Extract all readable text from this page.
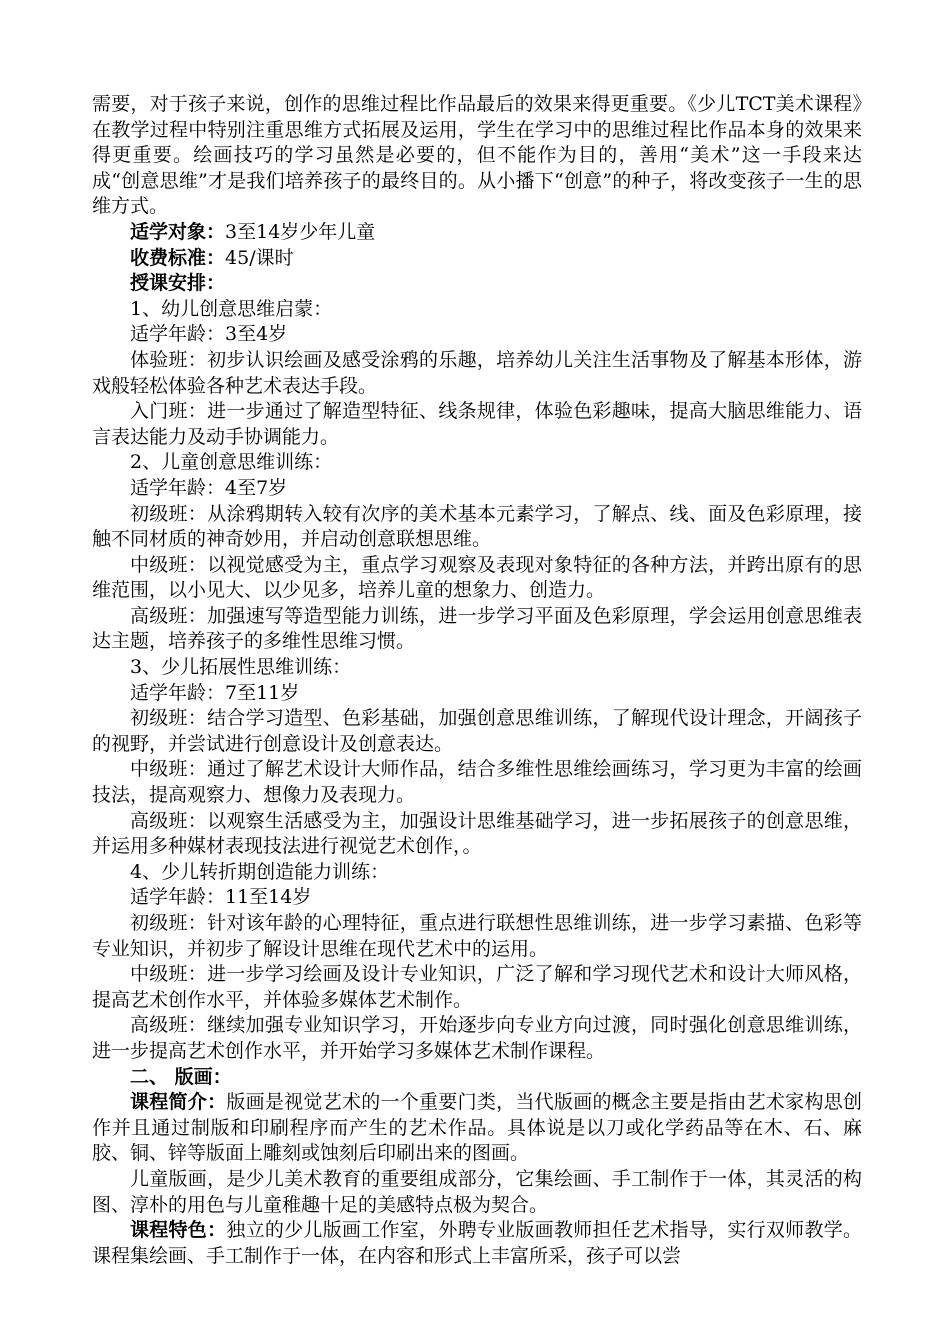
需要，对于孩子来说，创作的思维过程比作品最后的效果来得更重要。《少儿TCT美术课程》在教学过程中特别注重思维方式拓展及运用，学生在学习中的思维过程比作品本身的效果来得更重要。绘画技巧的学习虽然是必要的，但不能作为目的，善用“美术”这一手段来达成“创意思维”才是我们培养孩子的最终目的。从小播下“创意”的种子，将改变孩子一生的思维方式。

适学对象：3至14岁少年儿童

收费标准：45/课时

授课安排：

1、幼儿创意思维启蒙：

适学年龄：3至4岁

体验班：初步认识绘画及感受涂鸦的乐趣，培养幼儿关注生活事物及了解基本形体，游戏般轻松体验各种艺术表达手段。

入门班：进一步通过了解造型特征、线条规律，体验色彩趣味，提高大脑思维能力、语言表达能力及动手协调能力。

2、儿童创意思维训练：

适学年龄：4至7岁

初级班：从涂鸦期转入较有次序的美术基本元素学习，了解点、线、面及色彩原理，接触不同材质的神奇妙用，并启动创意联想思维。

中级班：以视觉感受为主，重点学习观察及表现对象特征的各种方法，并跨出原有的思维范围，以小见大、以少见多，培养儿童的想象力、创造力。

高级班：加强速写等造型能力训练，进一步学习平面及色彩原理，学会运用创意思维表达主题，培养孩子的多维性思维习惯。

3、少儿拓展性思维训练：

适学年龄：7至11岁

初级班：结合学习造型、色彩基础，加强创意思维训练，了解现代设计理念，开阔孩子的视野，并尝试进行创意设计及创意表达。

中级班：通过了解艺术设计大师作品，结合多维性思维绘画练习，学习更为丰富的绘画技法，提高观察力、想像力及表现力。

高级班：以观察生活感受为主，加强设计思维基础学习，进一步拓展孩子的创意思维，并运用多种媒材表现技法进行视觉艺术创作，。

4、少儿转折期创造能力训练：

适学年龄：11至14岁

初级班：针对该年龄的心理特征，重点进行联想性思维训练，进一步学习素描、色彩等专业知识，并初步了解设计思维在现代艺术中的运用。

中级班：进一步学习绘画及设计专业知识，广泛了解和学习现代艺术和设计大师风格，提高艺术创作水平，并体验多媒体艺术制作。

高级班：继续加强专业知识学习，开始逐步向专业方向过渡，同时强化创意思维训练，进一步提高艺术创作水平，并开始学习多媒体艺术制作课程。

二、 版画：

课程简介：版画是视觉艺术的一个重要门类，当代版画的概念主要是指由艺术家构思创作并且通过制版和印刷程序而产生的艺术作品。具体说是以刀或化学药品等在木、石、麻胶、铜、锌等版面上雕刻或蚀刻后印刷出来的图画。

儿童版画，是少儿美术教育的重要组成部分，它集绘画、手工制作于一体，其灵活的构图、淳朴的用色与儿童稚趣十足的美感特点极为契合。

课程特色：独立的少儿版画工作室，外聘专业版画教师担任艺术指导，实行双师教学。课程集绘画、手工制作于一体，在内容和形式上丰富所采，孩子可以尝
